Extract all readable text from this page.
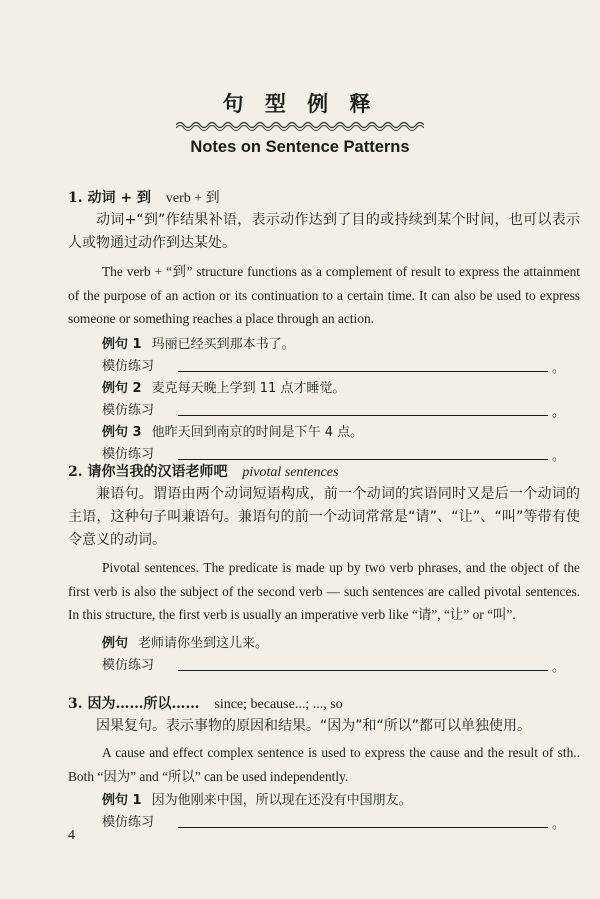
句 型 例 释
Notes on Sentence Patterns
1. 动词 + 到 verb + 到

动词+“到”作结果补语，表示动作达到了目的或持续到某个时间，也可以表示人或物通过动作到达某处。

The verb + “到” structure functions as a complement of result to express the attainment of the purpose of an action or its continuation to a certain time. It can also be used to express someone or something reaches a place through an action.

例句 1 玛丽已经买到那本书了。
模仿练习	。
例句 2 麦克每天晚上学到 11 点才睡觉。
模仿练习	。
例句 3 他昨天回到南京的时间是下午 4 点。
模仿练习	。
2. 请你当我的汉语老师吧 pivotal sentences

兼语句。谓语由两个动词短语构成，前一个动词的宾语同时又是后一个动词的主语，这种句子叫兼语句。兼语句的前一个动词常常是“请”、“让”、“叫”等带有使令意义的动词。

Pivotal sentences. The predicate is made up by two verb phrases, and the object of the first verb is also the subject of the second verb — such sentences are called pivotal sentences. In this structure, the first verb is usually an imperative verb like “请”, “让” or “叫”.

例句 老师请你坐到这儿来。
模仿练习	。
3. 因为……所以…… since; because...; ..., so

因果复句。表示事物的原因和结果。“因为”和“所以”都可以单独使用。

A cause and effect complex sentence is used to express the cause and the result of sth.. Both “因为” and “所以” can be used independently.

例句 1 因为他刚来中国，所以现在还没有中国朋友。
模仿练习	。
4
